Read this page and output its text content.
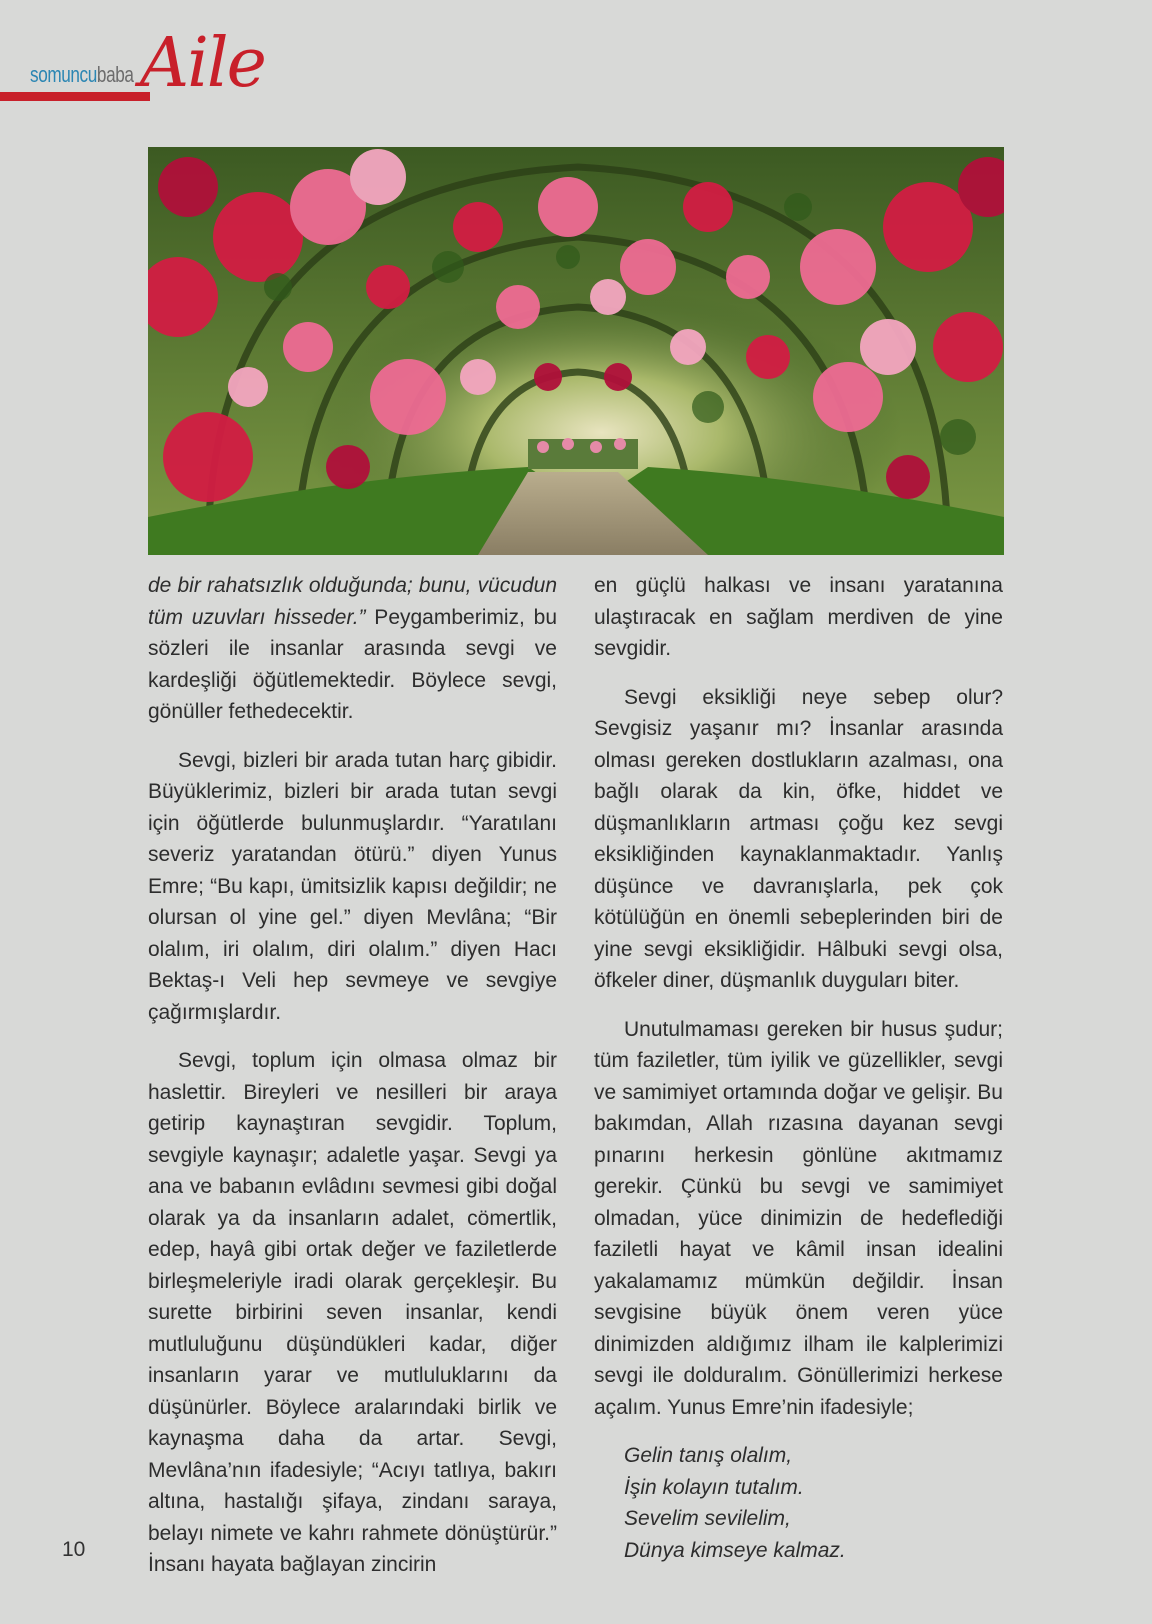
somuncubaba Aile

de bir rahatsızlık olduğunda; bunu, vücudun tüm uzuvları hisseder.” Peygamberimiz, bu sözleri ile insanlar arasında sevgi ve kardeşliği öğütlemektedir. Böylece sevgi, gönüller fethedecektir.

Sevgi, bizleri bir arada tutan harç gibidir. Büyüklerimiz, bizleri bir arada tutan sevgi için öğütlerde bulunmuşlardır. “Yaratılanı severiz yaratandan ötürü.” diyen Yunus Emre; “Bu kapı, ümitsizlik kapısı değildir; ne olursan ol yine gel.” diyen Mevlâna; “Bir olalım, iri olalım, diri olalım.” diyen Hacı Bektaş-ı Veli hep sevmeye ve sevgiye çağırmışlardır.

Sevgi, toplum için olmasa olmaz bir haslettir. Bireyleri ve nesilleri bir araya getirip kaynaştıran sevgidir. Toplum, sevgiyle kaynaşır; adaletle yaşar. Sevgi ya ana ve babanın evlâdını sevmesi gibi doğal olarak ya da insanların adalet, cömertlik, edep, hayâ gibi ortak değer ve faziletlerde birleşmeleriyle iradi olarak gerçekleşir. Bu surette birbirini seven insanlar, kendi mutluluğunu düşündükleri kadar, diğer insanların yarar ve mutluluklarını da düşünürler. Böylece aralarındaki birlik ve kaynaşma daha da artar. Sevgi, Mevlâna’nın ifadesiyle; “Acıyı tatlıya, bakırı altına, hastalığı şifaya, zindanı saraya, belayı nimete ve kahrı rahmete dönüştürür.” İnsanı hayata bağlayan zincirin

en güçlü halkası ve insanı yaratanına ulaştıracak en sağlam merdiven de yine sevgidir.

Sevgi eksikliği neye sebep olur? Sevgisiz yaşanır mı? İnsanlar arasında olması gereken dostlukların azalması, ona bağlı olarak da kin, öfke, hiddet ve düşmanlıkların artması çoğu kez sevgi eksikliğinden kaynaklanmaktadır. Yanlış düşünce ve davranışlarla, pek çok kötülüğün en önemli sebeplerinden biri de yine sevgi eksikliğidir. Hâlbuki sevgi olsa, öfkeler diner, düşmanlık duyguları biter.

Unutulmaması gereken bir husus şudur; tüm faziletler, tüm iyilik ve güzellikler, sevgi ve samimiyet ortamında doğar ve gelişir. Bu bakımdan, Allah rızasına dayanan sevgi pınarını herkesin gönlüne akıtmamız gerekir. Çünkü bu sevgi ve samimiyet olmadan, yüce dinimizin de hedeflediği faziletli hayat ve kâmil insan idealini yakalamamız mümkün değildir. İnsan sevgisine büyük önem veren yüce dinimizden aldığımız ilham ile kalplerimizi sevgi ile dolduralım. Gönüllerimizi herkese açalım. Yunus Emre’nin ifadesiyle;

Gelin tanış olalım,
İşin kolayın tutalım.
Sevelim sevilelim,
Dünya kimseye kalmaz.
10
